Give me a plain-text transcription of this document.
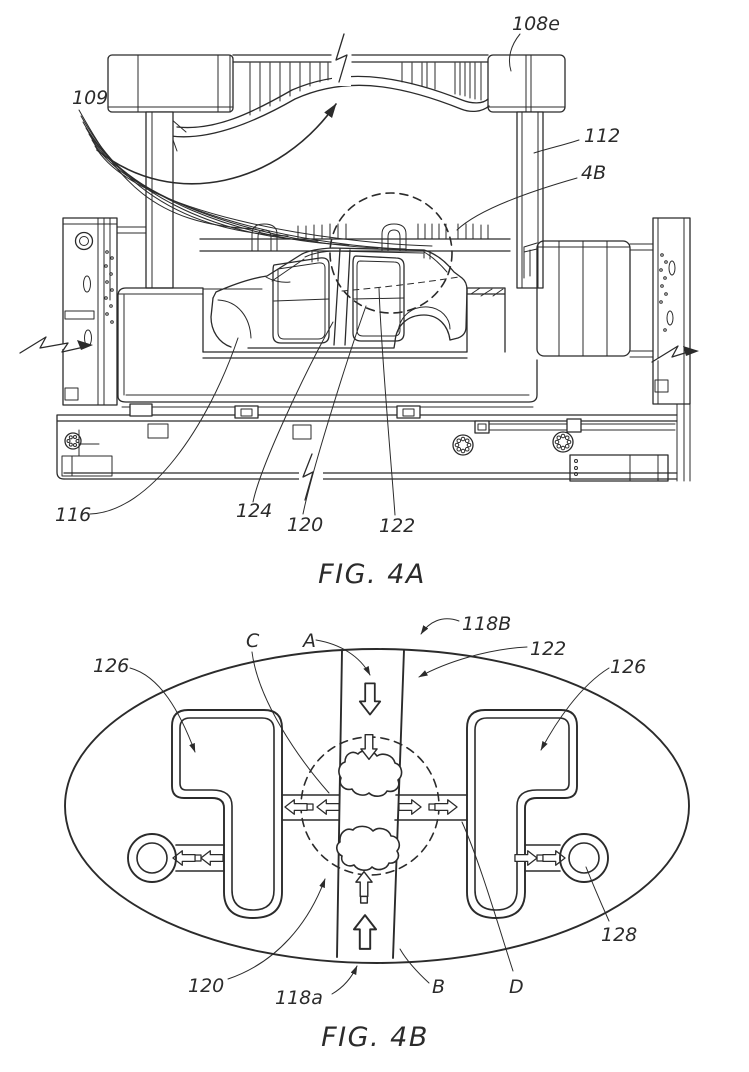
109
108e
112
4B
116	124
120	122
FIG. 4A
126
C A
118B
122
126
120
118a	B	D
128
FIG. 4B
